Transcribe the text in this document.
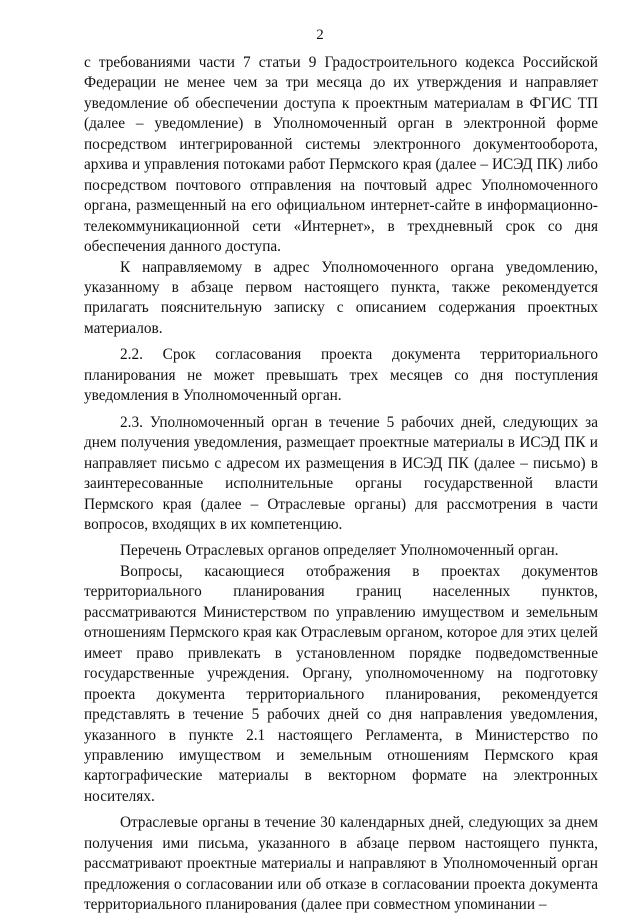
2

с требованиями части 7 статьи 9 Градостроительного кодекса Российской Федерации не менее чем за три месяца до их утверждения и направляет уведомление об обеспечении доступа к проектным материалам в ФГИС ТП (далее – уведомление) в Уполномоченный орган в электронной форме посредством интегрированной системы электронного документооборота, архива и управления потоками работ Пермского края (далее – ИСЭД ПК) либо посредством почтового отправления на почтовый адрес Уполномоченного органа, размещенный на его официальном интернет-сайте в информационно-телекоммуникационной сети «Интернет», в трехдневный срок со дня обеспечения данного доступа.

К направляемому в адрес Уполномоченного органа уведомлению, указанному в абзаце первом настоящего пункта, также рекомендуется прилагать пояснительную записку с описанием содержания проектных материалов.

2.2. Срок согласования проекта документа территориального планирования не может превышать трех месяцев со дня поступления уведомления в Уполномоченный орган.

2.3. Уполномоченный орган в течение 5 рабочих дней, следующих за днем получения уведомления, размещает проектные материалы в ИСЭД ПК и направляет письмо с адресом их размещения в ИСЭД ПК (далее – письмо) в заинтересованные исполнительные органы государственной власти Пермского края (далее – Отраслевые органы) для рассмотрения в части вопросов, входящих в их компетенцию.

Перечень Отраслевых органов определяет Уполномоченный орган.

Вопросы, касающиеся отображения в проектах документов территориального планирования границ населенных пунктов, рассматриваются Министерством по управлению имуществом и земельным отношениям Пермского края как Отраслевым органом, которое для этих целей имеет право привлекать в установленном порядке подведомственные государственные учреждения. Органу, уполномоченному на подготовку проекта документа территориального планирования, рекомендуется представлять в течение 5 рабочих дней со дня направления уведомления, указанного в пункте 2.1 настоящего Регламента, в Министерство по управлению имуществом и земельным отношениям Пермского края картографические материалы в векторном формате на электронных носителях.

Отраслевые органы в течение 30 календарных дней, следующих за днем получения ими письма, указанного в абзаце первом настоящего пункта, рассматривают проектные материалы и направляют в Уполномоченный орган предложения о согласовании или об отказе в согласовании проекта документа территориального планирования (далее при совместном упоминании –
